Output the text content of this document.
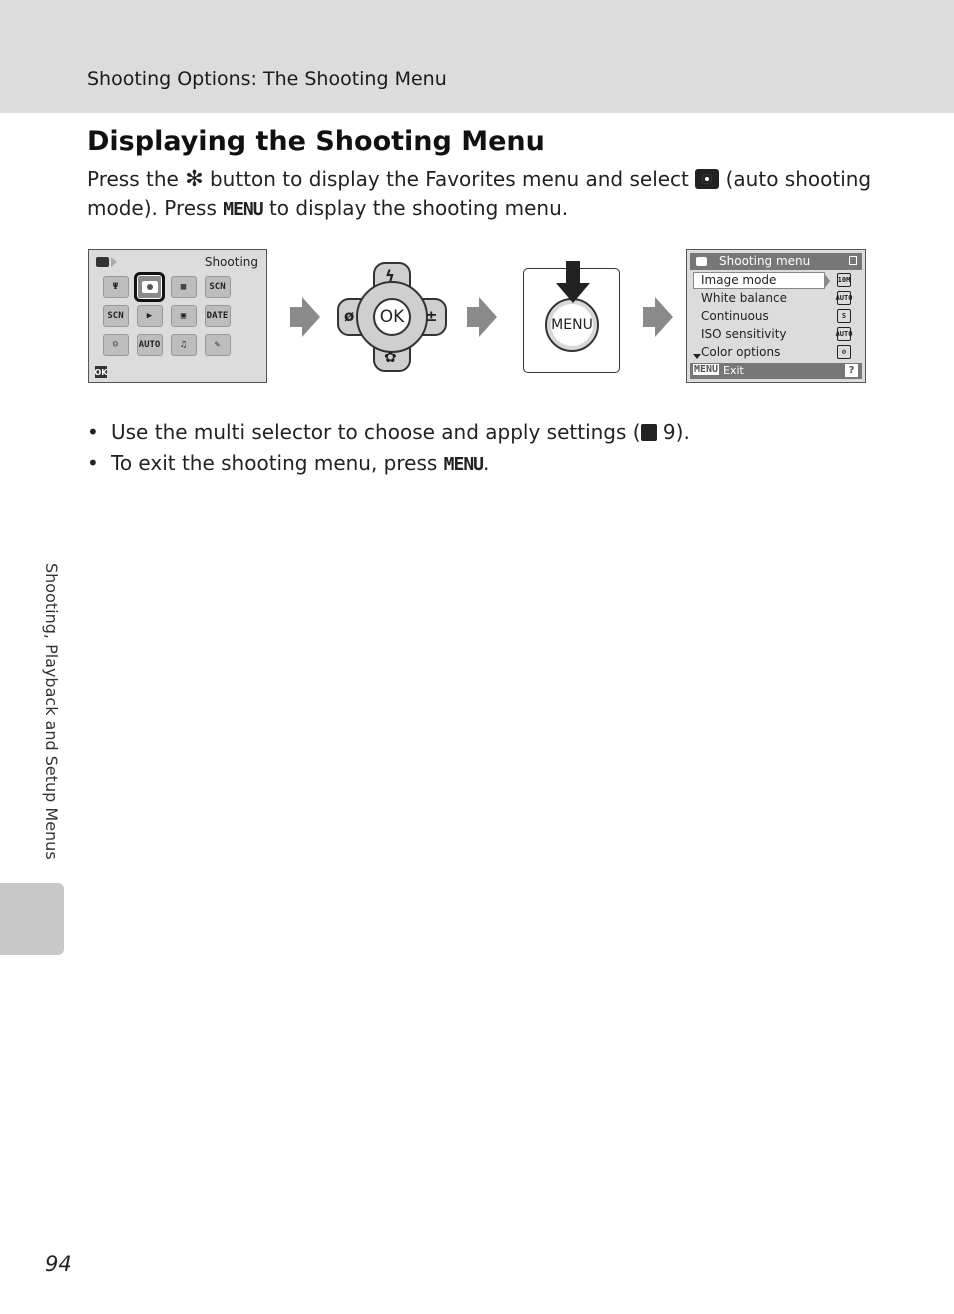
Shooting Options: The Shooting Menu
Displaying the Shooting Menu
Press the ✻ button to display the Favorites menu and select  (auto shooting mode). Press MENU to display the shooting menu.
Shooting
Ψ	▦	SCN
SCN	▶	▣	DATE
☺	AUTO	♫	✎
OK
OK
ϟ
ø	±
✿
MENU
Shooting menu
Image mode	10M
White balance	AUTO
Continuous	S
ISO sensitivity	AUTO
Color options	⊘
MENU Exit	?
• Use the multi selector to choose and apply settings ( 9).
• To exit the shooting menu, press MENU.
Shooting, Playback and Setup Menus
94
